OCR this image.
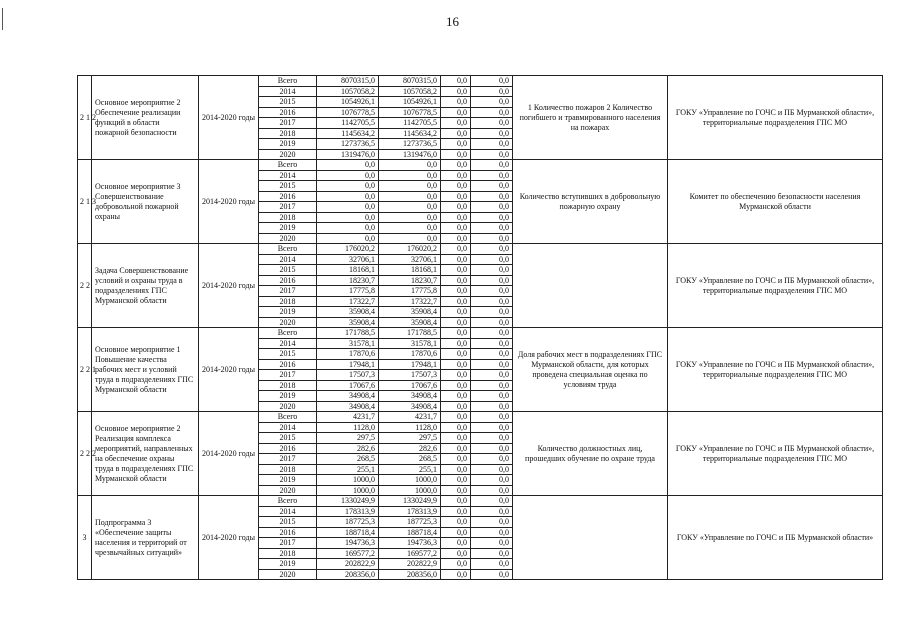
16
2 1 2	Основное мероприятие 2 Обеспечение реализации функций в области пожарной безопасности	2014-2020 годы	Всего	8070315,0	8070315,0	0,0	0,0	1 Количество пожаров 2 Количество погибшего и травмированного населения на пожарах	ГОКУ «Управление по ГОЧС и ПБ Мурманской области», территориальные подразделения ГПС МО
			2014	1057058,2	1057058,2	0,0	0,0		
			2015	1054926,1	1054926,1	0,0	0,0		
			2016	1076778,5	1076778,5	0,0	0,0		
			2017	1142705,5	1142705,5	0,0	0,0		
			2018	1145634,2	1145634,2	0,0	0,0		
			2019	1273736,5	1273736,5	0,0	0,0		
			2020	1319476,0	1319476,0	0,0	0,0		
2 1 3	Основное мероприятие 3 Совершенствование добровольной пожарной охраны	2014-2020 годы	Всего	0,0	0,0	0,0	0,0	Количество вступивших в добровольную пожарную охрану	Комитет по обеспечению безопасности населения Мурманской области
			2014	0,0	0,0	0,0	0,0		
			2015	0,0	0,0	0,0	0,0		
			2016	0,0	0,0	0,0	0,0		
			2017	0,0	0,0	0,0	0,0		
			2018	0,0	0,0	0,0	0,0		
			2019	0,0	0,0	0,0	0,0		
			2020	0,0	0,0	0,0	0,0		
2 2	Задача Совершенствование условий и охраны труда в подразделениях ГПС Мурманской области	2014-2020 годы	Всего	176020,2	176020,2	0,0	0,0		ГОКУ «Управление по ГОЧС и ПБ Мурманской области», территориальные подразделения ГПС МО
			2014	32706,1	32706,1	0,0	0,0		
			2015	18168,1	18168,1	0,0	0,0		
			2016	18230,7	18230,7	0,0	0,0		
			2017	17775,8	17775,8	0,0	0,0		
			2018	17322,7	17322,7	0,0	0,0		
			2019	35908,4	35908,4	0,0	0,0		
			2020	35908,4	35908,4	0,0	0,0		
2 2 1	Основное мероприятие 1 Повышение качества рабочих мест и условий труда в подразделениях ГПС Мурманской области	2014-2020 годы	Всего	171788,5	171788,5	0,0	0,0	Доля рабочих мест в подразделениях ГПС Мурманской области, для которых проведена специальная оценка по условиям труда	ГОКУ «Управление по ГОЧС и ПБ Мурманской области», территориальные подразделения ГПС МО
			2014	31578,1	31578,1	0,0	0,0		
			2015	17870,6	17870,6	0,0	0,0		
			2016	17948,1	17948,1	0,0	0,0		
			2017	17507,3	17507,3	0,0	0,0		
			2018	17067,6	17067,6	0,0	0,0		
			2019	34908,4	34908,4	0,0	0,0		
			2020	34908,4	34908,4	0,0	0,0		
2 2 2	Основное мероприятие 2 Реализация комплекса мероприятий, направленных на обеспечение охраны труда в подразделениях ГПС Мурманской области	2014-2020 годы	Всего	4231,7	4231,7	0,0	0,0	Количество должностных лиц, прошедших обучение по охране труда	ГОКУ «Управление по ГОЧС и ПБ Мурманской области», территориальные подразделения ГПС МО
			2014	1128,0	1128,0	0,0	0,0		
			2015	297,5	297,5	0,0	0,0		
			2016	282,6	282,6	0,0	0,0		
			2017	268,5	268,5	0,0	0,0		
			2018	255,1	255,1	0,0	0,0		
			2019	1000,0	1000,0	0,0	0,0		
			2020	1000,0	1000,0	0,0	0,0		
3	Подпрограмма 3 «Обеспечение защиты населения и территорий от чрезвычайных ситуаций»	2014-2020 годы	Всего	1330249,9	1330249,9	0,0	0,0		ГОКУ «Управление по ГОЧС и ПБ Мурманской области»
			2014	178313,9	178313,9	0,0	0,0		
			2015	187725,3	187725,3	0,0	0,0		
			2016	188718,4	188718,4	0,0	0,0		
			2017	194736,3	194736,3	0,0	0,0		
			2018	169577,2	169577,2	0,0	0,0		
			2019	202822,9	202822,9	0,0	0,0		
			2020	208356,0	208356,0	0,0	0,0		
